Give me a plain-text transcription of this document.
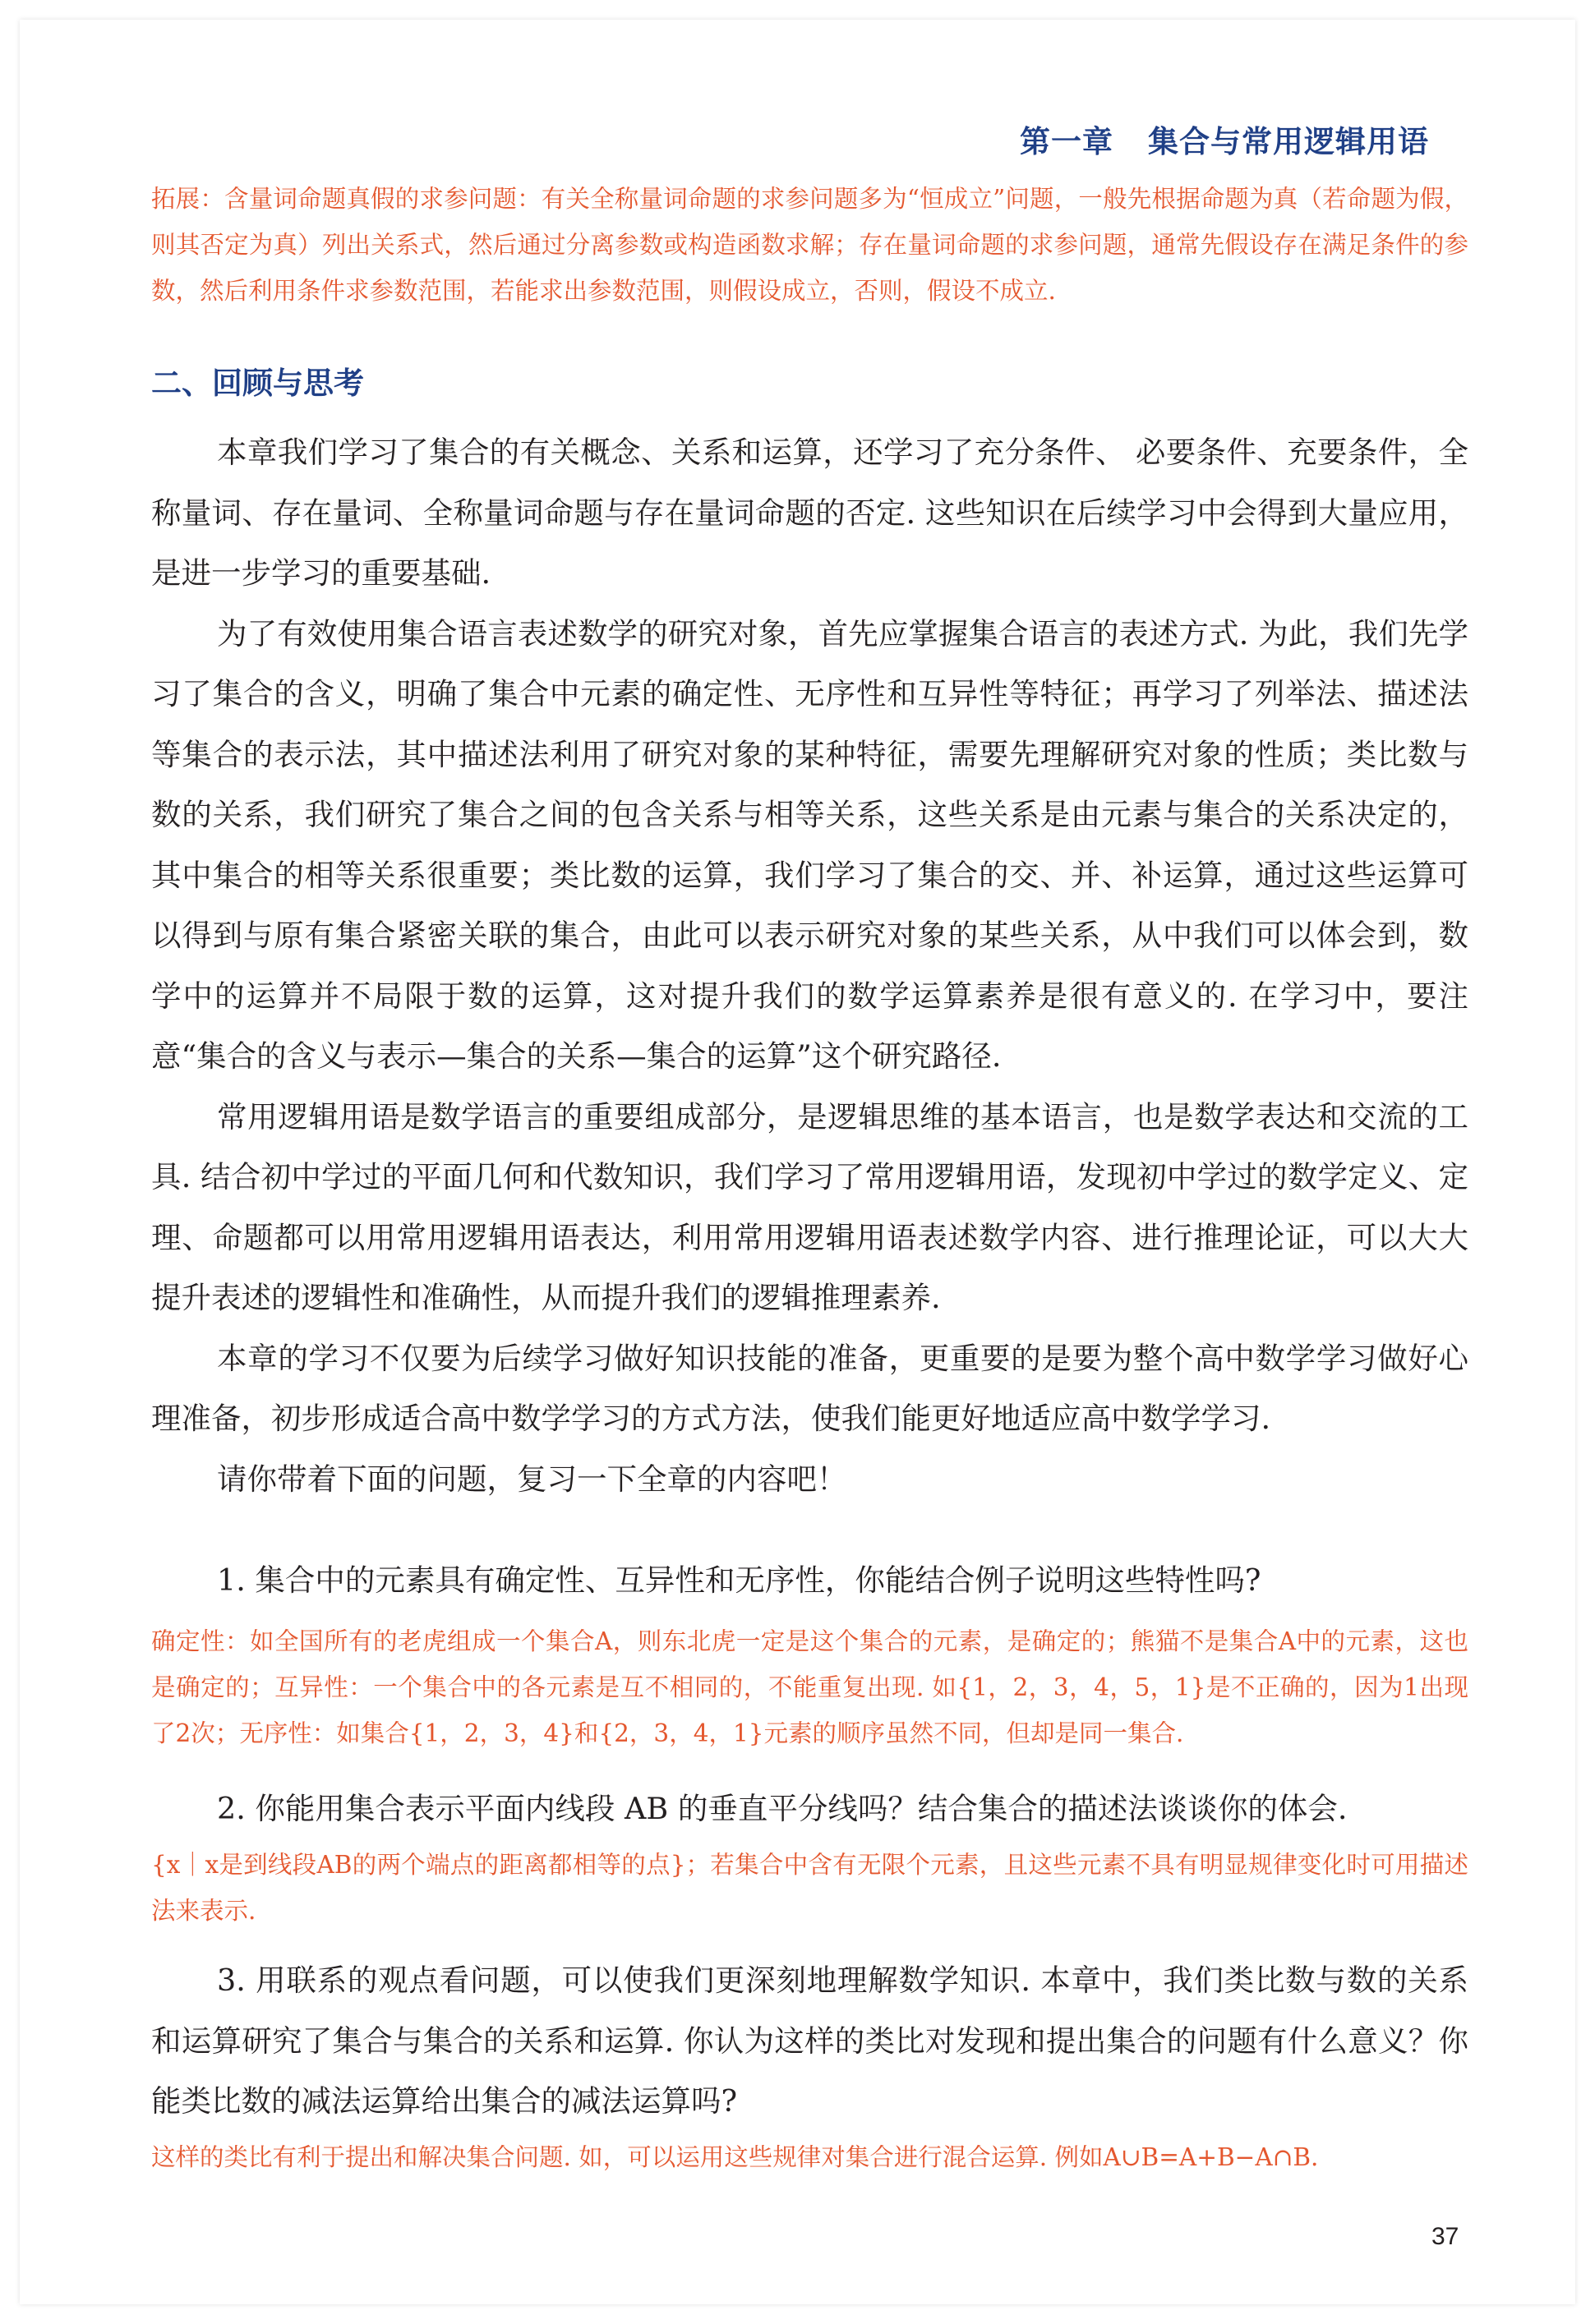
第一章 集合与常用逻辑用语
拓展：含量词命题真假的求参问题：有关全称量词命题的求参问题多为“恒成立”问题，一般先根据命题为真（若命题为假，则其否定为真）列出关系式，然后通过分离参数或构造函数求解；存在量词命题的求参问题，通常先假设存在满足条件的参数，然后利用条件求参数范围，若能求出参数范围，则假设成立，否则，假设不成立.
二、回顾与思考

本章我们学习了集合的有关概念、关系和运算，还学习了充分条件、 必要条件、充要条件，全称量词、存在量词、全称量词命题与存在量词命题的否定. 这些知识在后续学习中会得到大量应用，是进一步学习的重要基础.

为了有效使用集合语言表述数学的研究对象，首先应掌握集合语言的表述方式. 为此，我们先学习了集合的含义，明确了集合中元素的确定性、无序性和互异性等特征；再学习了列举法、描述法等集合的表示法，其中描述法利用了研究对象的某种特征，需要先理解研究对象的性质；类比数与数的关系，我们研究了集合之间的包含关系与相等关系，这些关系是由元素与集合的关系决定的，其中集合的相等关系很重要；类比数的运算，我们学习了集合的交、并、补运算，通过这些运算可以得到与原有集合紧密关联的集合，由此可以表示研究对象的某些关系，从中我们可以体会到，数学中的运算并不局限于数的运算，这对提升我们的数学运算素养是很有意义的. 在学习中，要注意“集合的含义与表示—集合的关系—集合的运算”这个研究路径.

常用逻辑用语是数学语言的重要组成部分，是逻辑思维的基本语言，也是数学表达和交流的工具. 结合初中学过的平面几何和代数知识，我们学习了常用逻辑用语，发现初中学过的数学定义、定理、命题都可以用常用逻辑用语表达，利用常用逻辑用语表述数学内容、进行推理论证，可以大大提升表述的逻辑性和准确性，从而提升我们的逻辑推理素养.

本章的学习不仅要为后续学习做好知识技能的准备，更重要的是要为整个高中数学学习做好心理准备，初步形成适合高中数学学习的方式方法，使我们能更好地适应高中数学学习.

请你带着下面的问题，复习一下全章的内容吧！

1. 集合中的元素具有确定性、互异性和无序性，你能结合例子说明这些特性吗?

确定性：如全国所有的老虎组成一个集合A，则东北虎一定是这个集合的元素，是确定的；熊猫不是集合A中的元素，这也是确定的；互异性：一个集合中的各元素是互不相同的，不能重复出现. 如{1，2，3，4，5，1}是不正确的，因为1出现了2次；无序性：如集合{1，2，3，4}和{2，3，4，1}元素的顺序虽然不同，但却是同一集合.

2. 你能用集合表示平面内线段 AB 的垂直平分线吗？结合集合的描述法谈谈你的体会.

{x｜x是到线段AB的两个端点的距离都相等的点}；若集合中含有无限个元素，且这些元素不具有明显规律变化时可用描述法来表示.

3. 用联系的观点看问题，可以使我们更深刻地理解数学知识. 本章中，我们类比数与数的关系和运算研究了集合与集合的关系和运算. 你认为这样的类比对发现和提出集合的问题有什么意义？你能类比数的减法运算给出集合的减法运算吗?

这样的类比有利于提出和解决集合问题. 如，可以运用这些规律对集合进行混合运算. 例如A∪B=A+B−A∩B.
37
